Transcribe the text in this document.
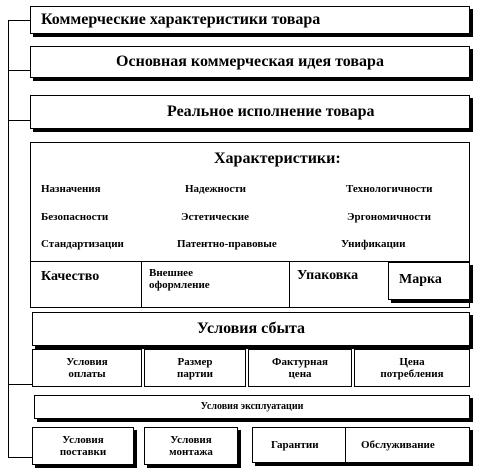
Коммерческие характеристики товара
Основная коммерческая идея товара
Реальное исполнение товара
Характеристики:
Назначения	Надежности	Технологичности
Безопасности	Эстетические	Эргономичности
Стандартизации	Патентно-правовые	Унификации
Качество	Внешнее оформление
Упаковка	Марка
Условия сбыта
Условия оплаты
Размер партии
Фактурная цена
Цена потребления
Условия эксплуатации
Условия поставки
Условия монтажа
Гарантии	Обслуживание
